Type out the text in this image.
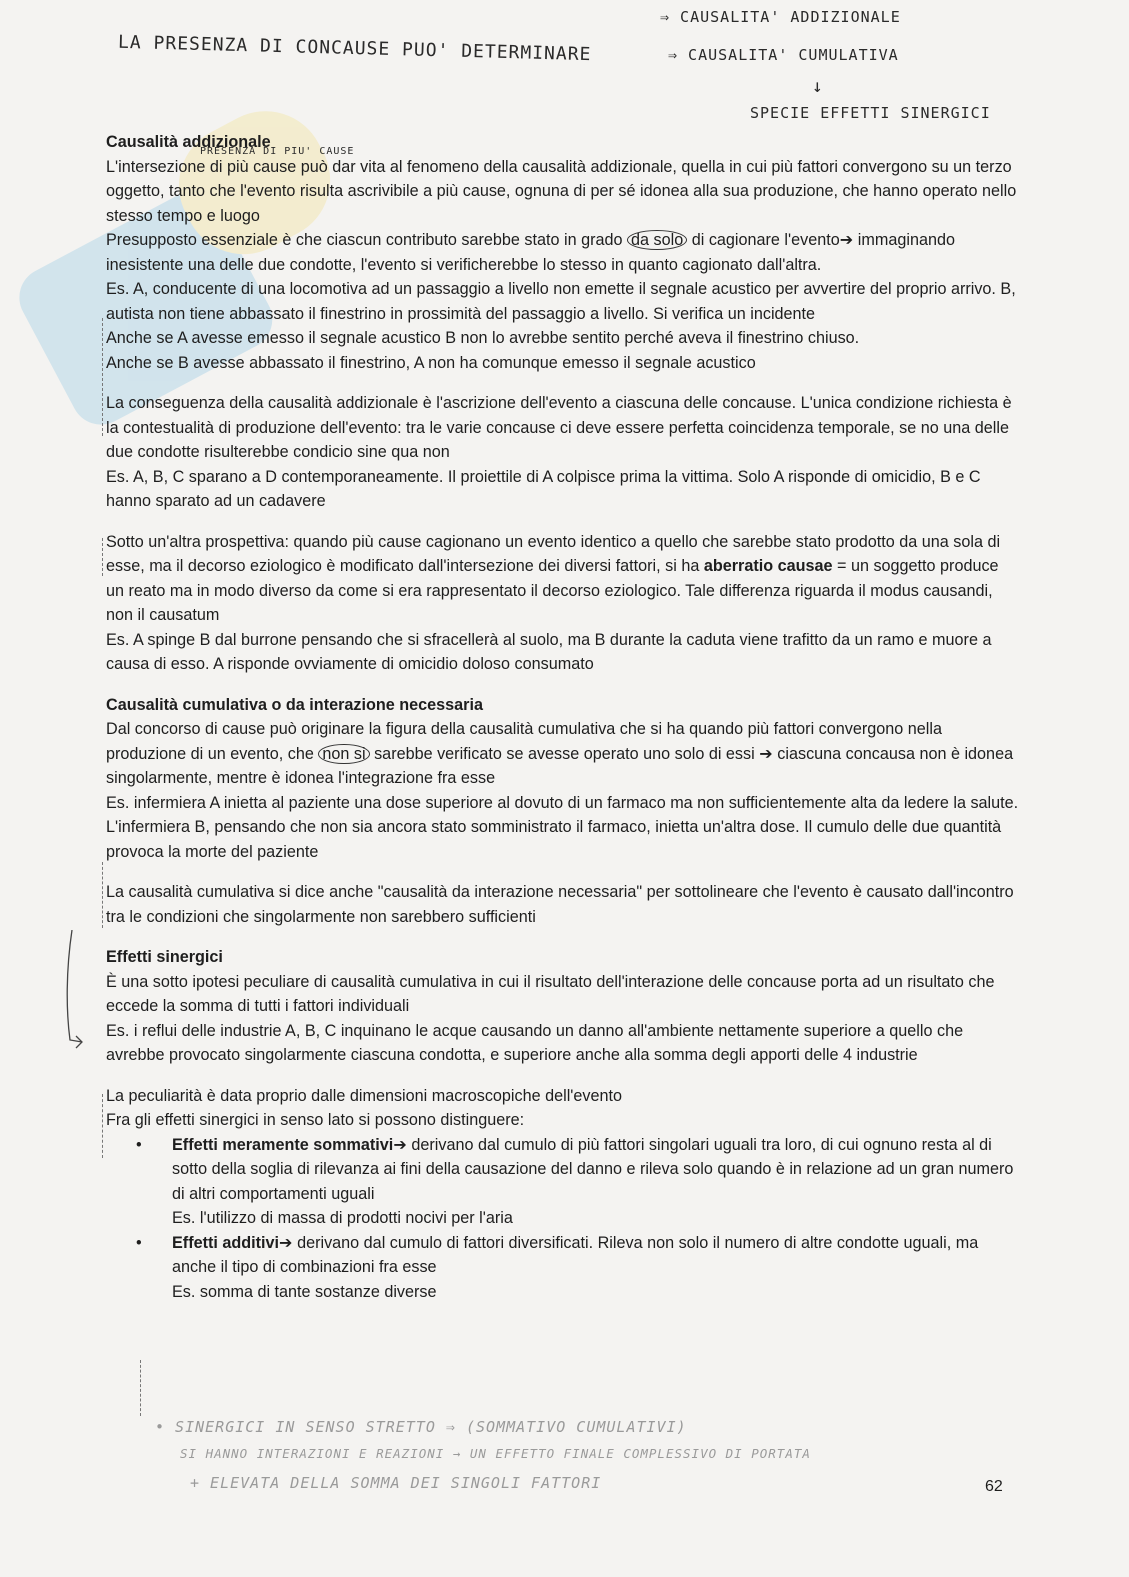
LA PRESENZA DI CONCAUSE PUO' DETERMINARE
⇒ CAUSALITA' ADDIZIONALE
⇒ CAUSALITA' CUMULATIVA
↓
SPECIE EFFETTI SINERGICI
PRESENZA DI PIU' CAUSE
Causalità addizionale

L'intersezione di più cause può dar vita al fenomeno della causalità addizionale, quella in cui più fattori convergono su un terzo oggetto, tanto che l'evento risulta ascrivibile a più cause, ognuna di per sé idonea alla sua produzione, che hanno operato nello stesso tempo e luogo

Presupposto essenziale è che ciascun contributo sarebbe stato in grado da solo di cagionare l'evento➔ immaginando inesistente una delle due condotte, l'evento si verificherebbe lo stesso in quanto cagionato dall'altra.

Es. A, conducente di una locomotiva ad un passaggio a livello non emette il segnale acustico per avvertire del proprio arrivo. B, autista non tiene abbassato il finestrino in prossimità del passaggio a livello. Si verifica un incidente

Anche se A avesse emesso il segnale acustico B non lo avrebbe sentito perché aveva il finestrino chiuso.

Anche se B avesse abbassato il finestrino, A non ha comunque emesso il segnale acustico

La conseguenza della causalità addizionale è l'ascrizione dell'evento a ciascuna delle concause. L'unica condizione richiesta è la contestualità di produzione dell'evento: tra le varie concause ci deve essere perfetta coincidenza temporale, se no una delle due condotte risulterebbe condicio sine qua non

Es. A, B, C sparano a D contemporaneamente. Il proiettile di A colpisce prima la vittima. Solo A risponde di omicidio, B e C hanno sparato ad un cadavere

Sotto un'altra prospettiva: quando più cause cagionano un evento identico a quello che sarebbe stato prodotto da una sola di esse, ma il decorso eziologico è modificato dall'intersezione dei diversi fattori, si ha aberratio causae = un soggetto produce un reato ma in modo diverso da come si era rappresentato il decorso eziologico. Tale differenza riguarda il modus causandi, non il causatum

Es. A spinge B dal burrone pensando che si sfracellerà al suolo, ma B durante la caduta viene trafitto da un ramo e muore a causa di esso. A risponde ovviamente di omicidio doloso consumato

Causalità cumulativa o da interazione necessaria

Dal concorso di cause può originare la figura della causalità cumulativa che si ha quando più fattori convergono nella produzione di un evento, che non si sarebbe verificato se avesse operato uno solo di essi ➔ ciascuna concausa non è idonea singolarmente, mentre è idonea l'integrazione fra esse

Es. infermiera A inietta al paziente una dose superiore al dovuto di un farmaco ma non sufficientemente alta da ledere la salute. L'infermiera B, pensando che non sia ancora stato somministrato il farmaco, inietta un'altra dose. Il cumulo delle due quantità provoca la morte del paziente

La causalità cumulativa si dice anche "causalità da interazione necessaria" per sottolineare che l'evento è causato dall'incontro tra le condizioni che singolarmente non sarebbero sufficienti

Effetti sinergici

È una sotto ipotesi peculiare di causalità cumulativa in cui il risultato dell'interazione delle concause porta ad un risultato che eccede la somma di tutti i fattori individuali

Es. i reflui delle industrie A, B, C inquinano le acque causando un danno all'ambiente nettamente superiore a quello che avrebbe provocato singolarmente ciascuna condotta, e superiore anche alla somma degli apporti delle 4 industrie

La peculiarità è data proprio dalle dimensioni macroscopiche dell'evento

Fra gli effetti sinergici in senso lato si possono distinguere:

• Effetti meramente sommativi➔ derivano dal cumulo di più fattori singolari uguali tra loro, di cui ognuno resta al di sotto della soglia di rilevanza ai fini della causazione del danno e rileva solo quando è in relazione ad un gran numero di altri comportamenti uguali
Es. l'utilizzo di massa di prodotti nocivi per l'aria
• Effetti additivi➔ derivano dal cumulo di fattori diversificati. Rileva non solo il numero di altre condotte uguali, ma anche il tipo di combinazioni fra esse
Es. somma di tante sostanze diverse
• SINERGICI IN SENSO STRETTO ⇒ (SOMMATIVO CUMULATIVI)
SI HANNO INTERAZIONI E REAZIONI → UN EFFETTO FINALE COMPLESSIVO DI PORTATA
+ ELEVATA DELLA SOMMA DEI SINGOLI FATTORI	62
